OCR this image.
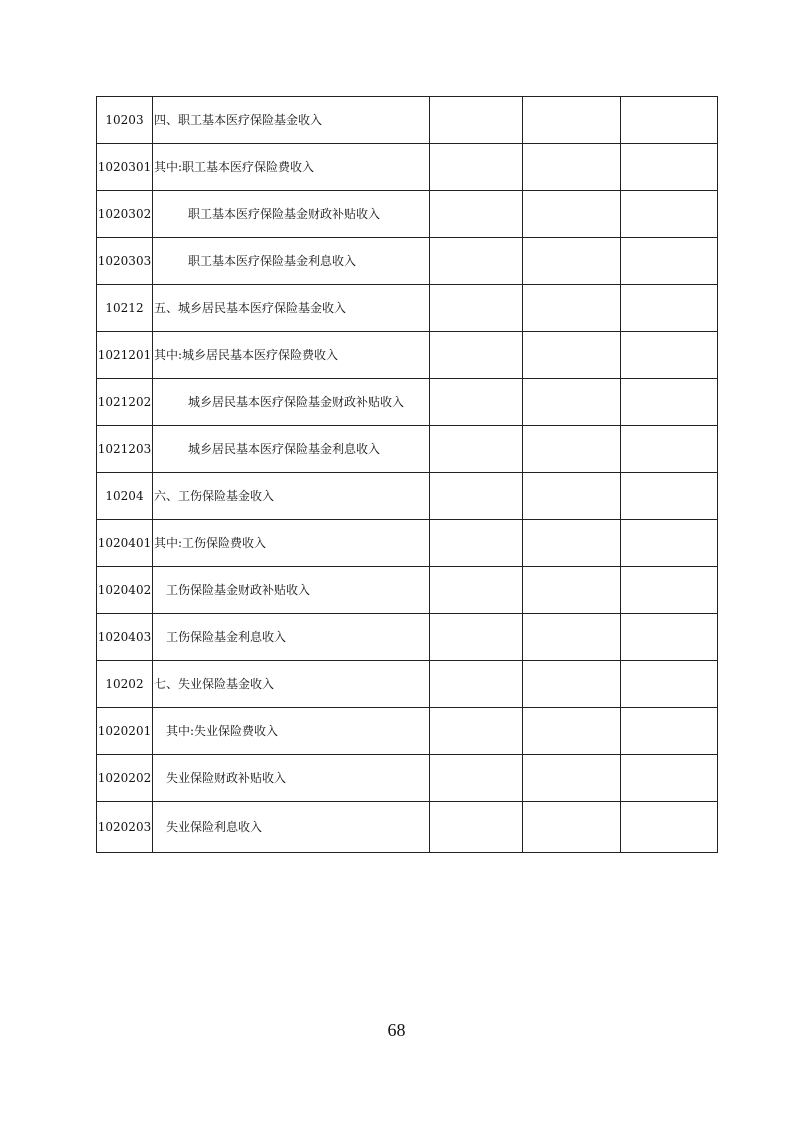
10203	四、职工基本医疗保险基金收入			
1020301	其中:职工基本医疗保险费收入			
1020302	职工基本医疗保险基金财政补贴收入			
1020303	职工基本医疗保险基金利息收入			
10212	五、城乡居民基本医疗保险基金收入			
1021201	其中:城乡居民基本医疗保险费收入			
1021202	城乡居民基本医疗保险基金财政补贴收入			
1021203	城乡居民基本医疗保险基金利息收入			
10204	六、工伤保险基金收入			
1020401	其中:工伤保险费收入			
1020402	工伤保险基金财政补贴收入			
1020403	工伤保险基金利息收入			
10202	七、失业保险基金收入			
1020201	其中:失业保险费收入			
1020202	失业保险财政补贴收入			
1020203	失业保险利息收入			
68
